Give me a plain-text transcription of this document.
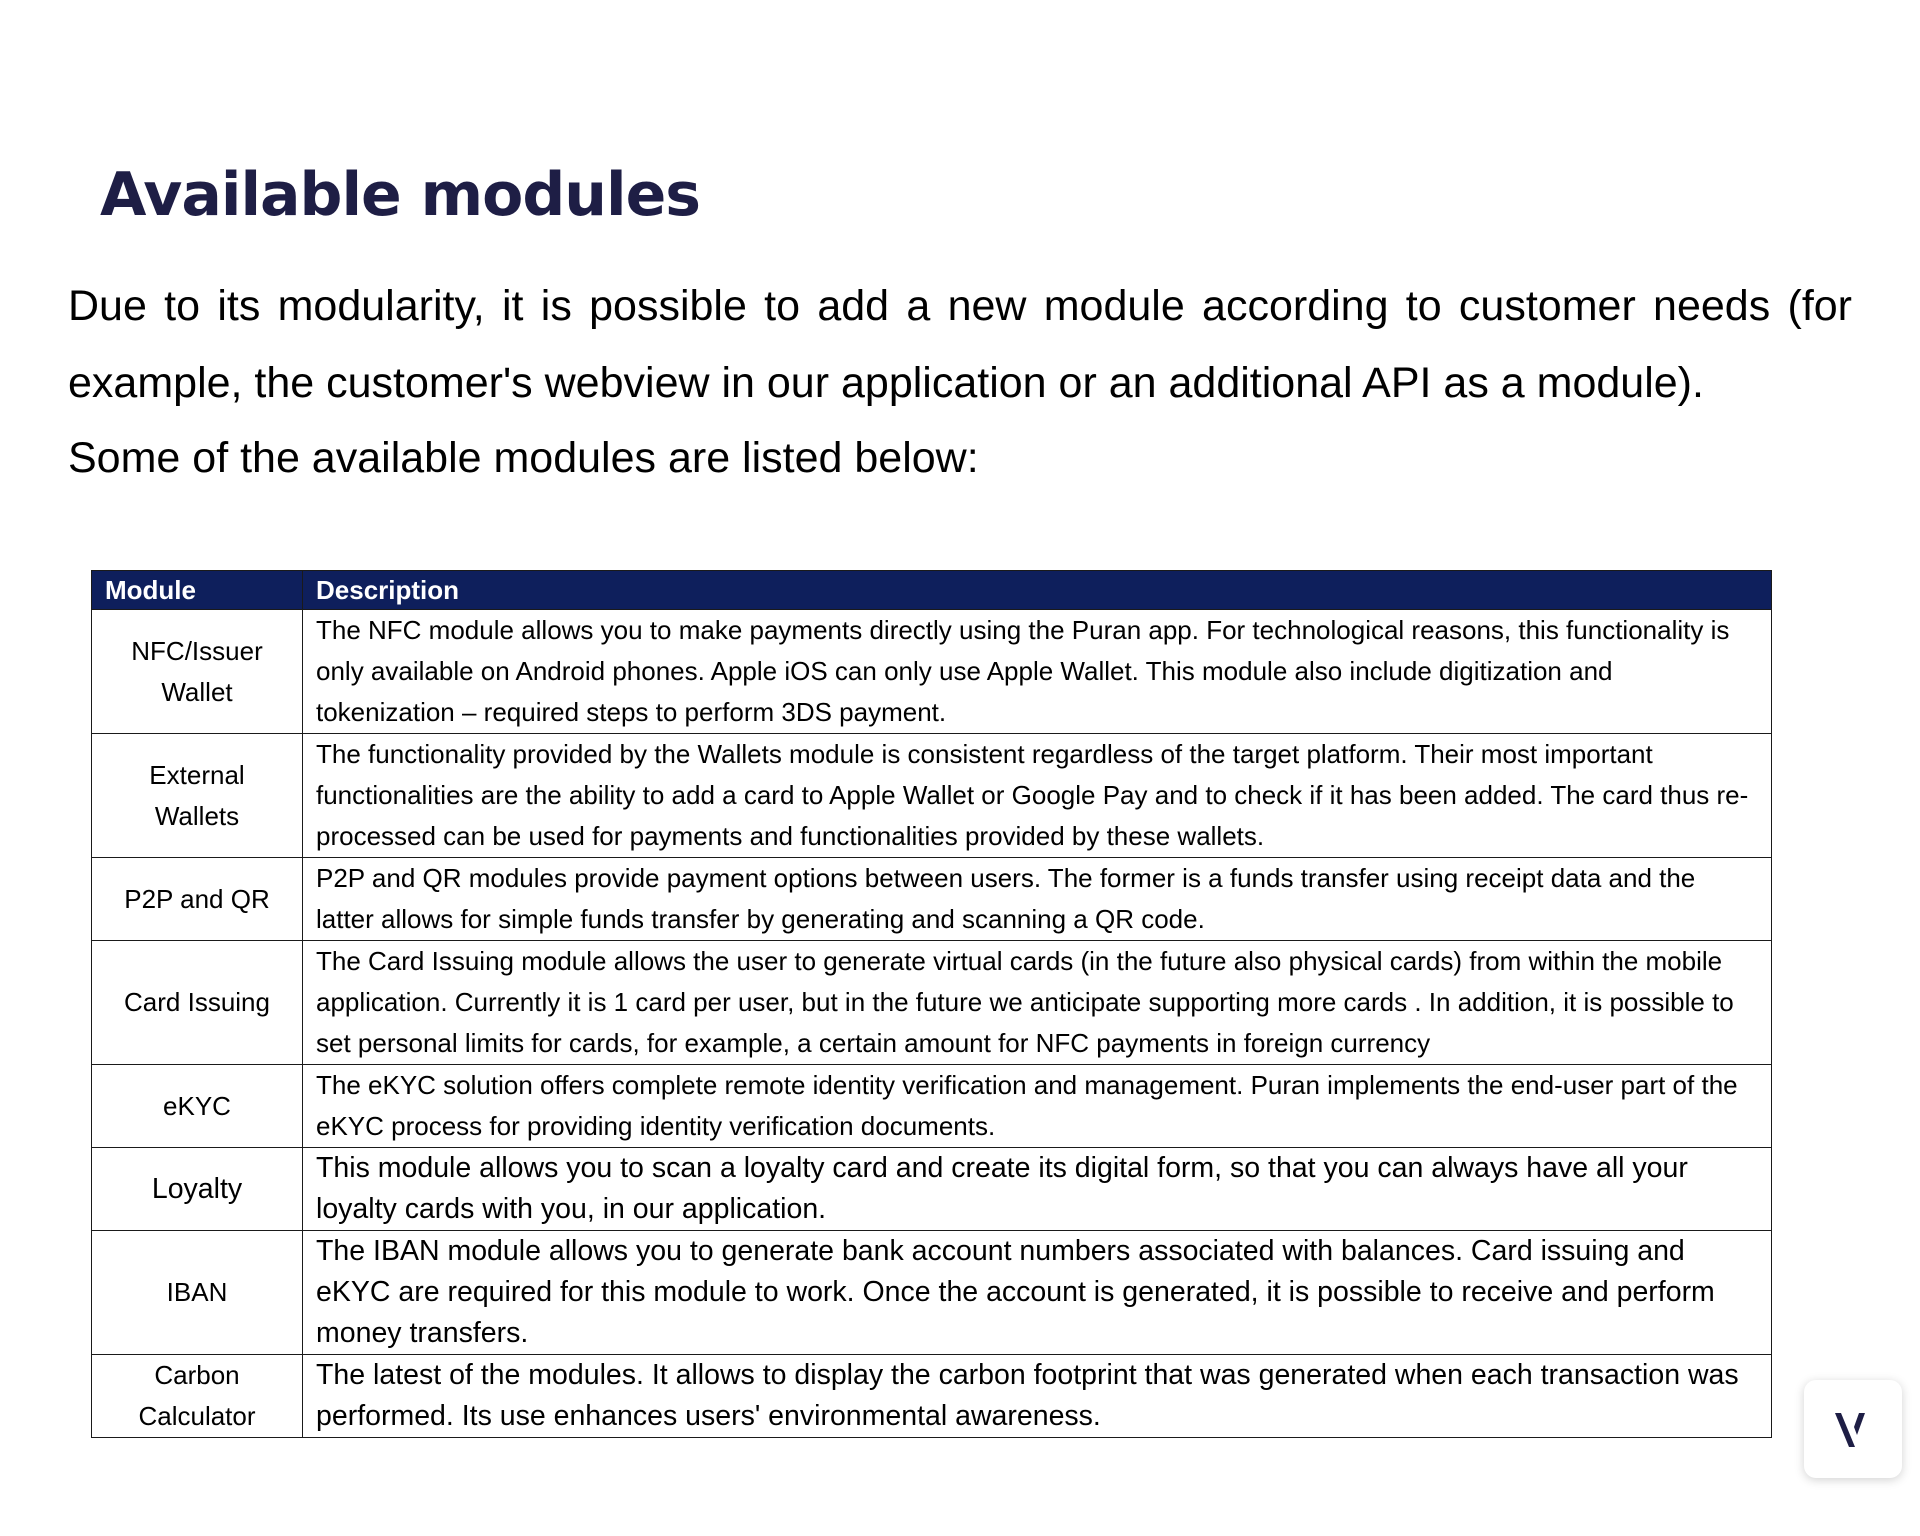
Available modules

Due to its modularity, it is possible to add a new module according to customer needs (for example, the customer's webview in our application or an additional API as a module).

Some of the available modules are listed below:

Module	Description
NFC/Issuer Wallet	The NFC module allows you to make payments directly using the Puran app. For technological reasons, this functionality is only available on Android phones. Apple iOS can only use Apple Wallet. This module also include digitization and tokenization – required steps to perform 3DS payment.
External Wallets	The functionality provided by the Wallets module is consistent regardless of the target platform. Their most important functionalities are the ability to add a card to Apple Wallet or Google Pay and to check if it has been added. The card thus re-processed can be used for payments and functionalities provided by these wallets.
P2P and QR	P2P and QR modules provide payment options between users. The former is a funds transfer using receipt data and the latter allows for simple funds transfer by generating and scanning a QR code.
Card Issuing	The Card Issuing module allows the user to generate virtual cards (in the future also physical cards) from within the mobile application. Currently it is 1 card per user, but in the future we anticipate supporting more cards . In addition, it is possible to set personal limits for cards, for example, a certain amount for NFC payments in foreign currency
eKYC	The eKYC solution offers complete remote identity verification and management. Puran implements the end-user part of the eKYC process for providing identity verification documents.
Loyalty	This module allows you to scan a loyalty card and create its digital form, so that you can always have all your loyalty cards with you, in our application.
IBAN	The IBAN module allows you to generate bank account numbers associated with balances. Card issuing and eKYC are required for this module to work. Once the account is generated, it is possible to receive and perform money transfers.
Carbon Calculator	The latest of the modules. It allows to display the carbon footprint that was generated when each transaction was performed. Its use enhances users' environmental awareness.
